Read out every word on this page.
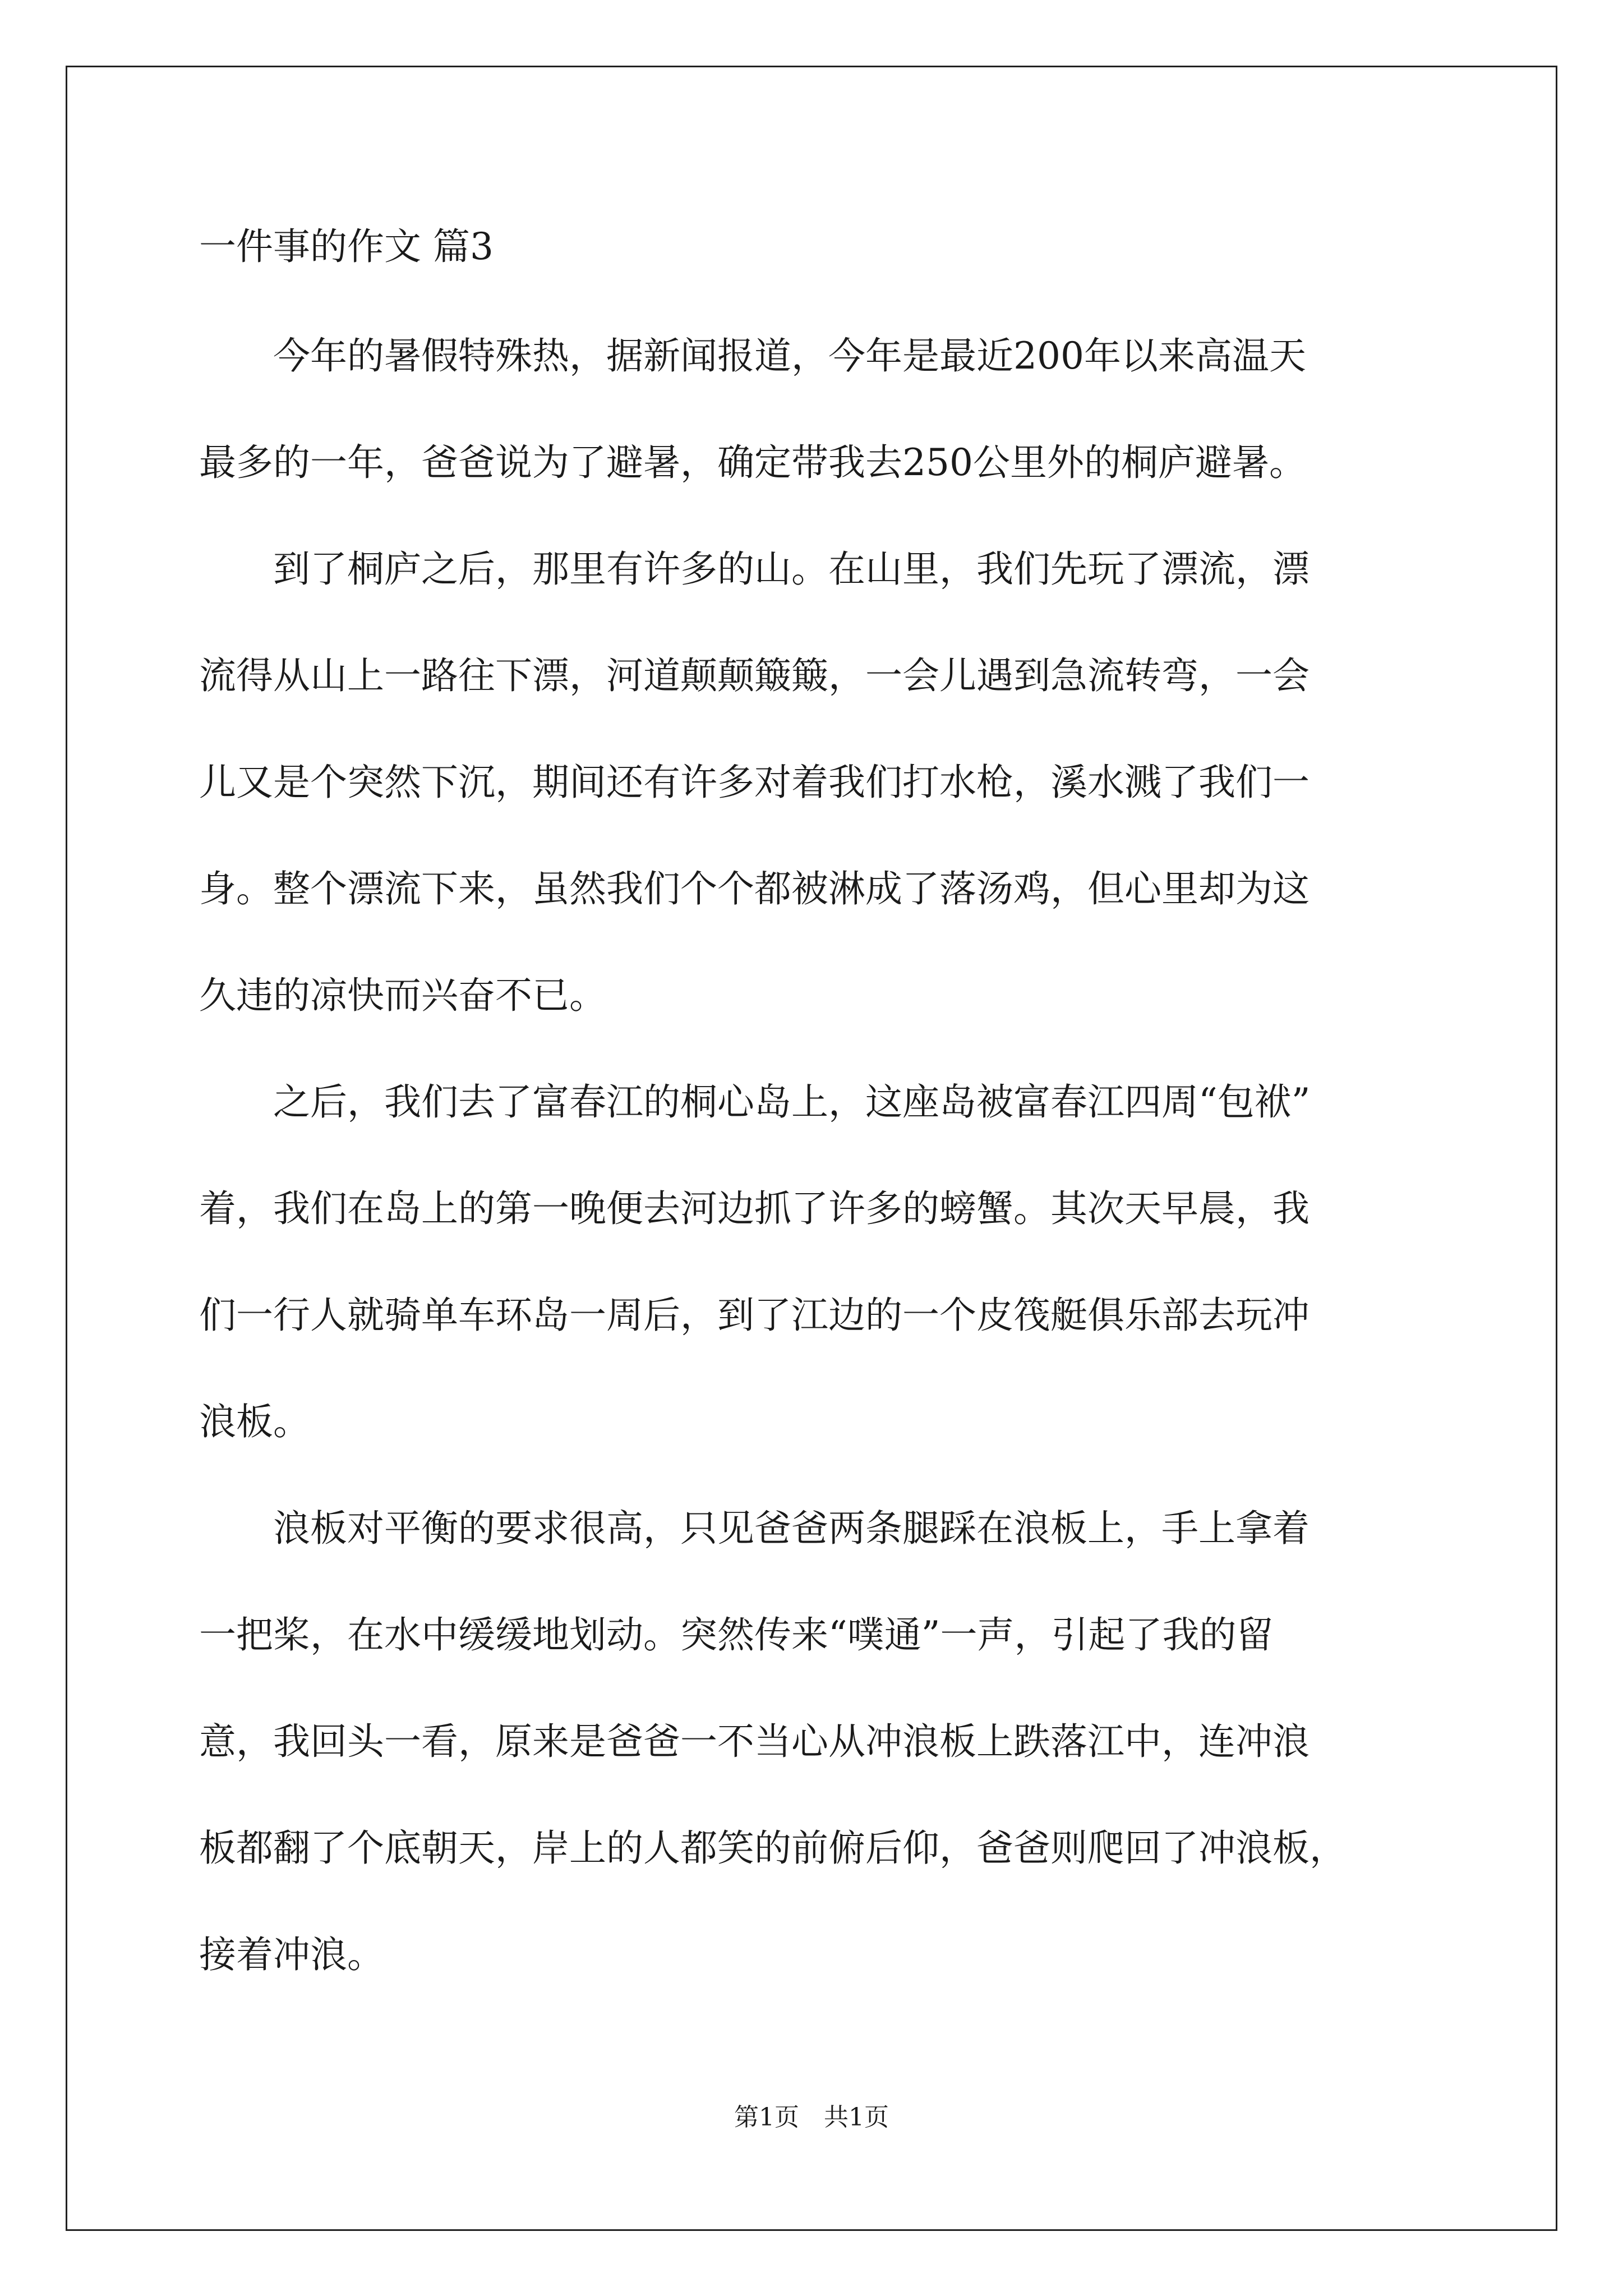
一件事的作文 篇3
　　今年的暑假特殊热，据新闻报道，今年是最近200年以来高温天
最多的一年，爸爸说为了避暑，确定带我去250公里外的桐庐避暑。
　　到了桐庐之后，那里有许多的山。在山里，我们先玩了漂流，漂
流得从山上一路往下漂，河道颠颠簸簸，一会儿遇到急流转弯，一会
儿又是个突然下沉，期间还有许多对着我们打水枪，溪水溅了我们一
身。整个漂流下来，虽然我们个个都被淋成了落汤鸡，但心里却为这
久违的凉快而兴奋不已。
　　之后，我们去了富春江的桐心岛上，这座岛被富春江四周“包袱”
着，我们在岛上的第一晚便去河边抓了许多的螃蟹。其次天早晨，我
们一行人就骑单车环岛一周后，到了江边的一个皮筏艇俱乐部去玩冲
浪板。
　　浪板对平衡的要求很高，只见爸爸两条腿踩在浪板上，手上拿着
一把桨，在水中缓缓地划动。突然传来“噗通”一声，引起了我的留
意，我回头一看，原来是爸爸一不当心从冲浪板上跌落江中，连冲浪
板都翻了个底朝天，岸上的人都笑的前俯后仰，爸爸则爬回了冲浪板，
接着冲浪。
第1页　共1页
